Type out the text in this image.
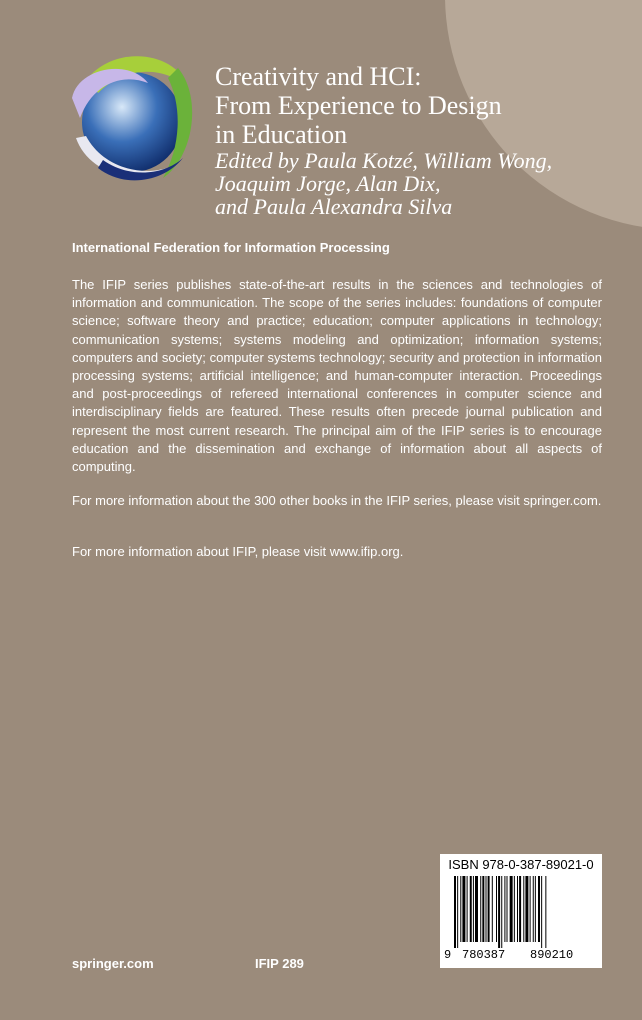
Creativity and HCI:
From Experience to Design
in Education
Edited by Paula Kotzé, William Wong,
Joaquim Jorge, Alan Dix,
and Paula Alexandra Silva
International Federation for Information Processing

The IFIP series publishes state-of-the-art results in the sciences and technologies of information and communication. The scope of the series includes: foundations of computer science; software theory and practice; education; computer applications in technology; communication systems; systems modeling and optimization; information systems; computers and society; computer systems technology; security and protection in information processing systems; artificial intelligence; and human-computer interaction. Proceedings and post-proceedings of refereed international conferences in computer science and interdisciplinary fields are featured. These results often precede journal publication and represent the most current research. The principal aim of the IFIP series is to encourage education and the dissemination and exchange of information about all aspects of computing.

For more information about the 300 other books in the IFIP series, please visit springer.com.

For more information about IFIP, please visit www.ifip.org.

springer.com	IFIP 289
ISBN 978-0-387-89021-0
9 780387 890210
